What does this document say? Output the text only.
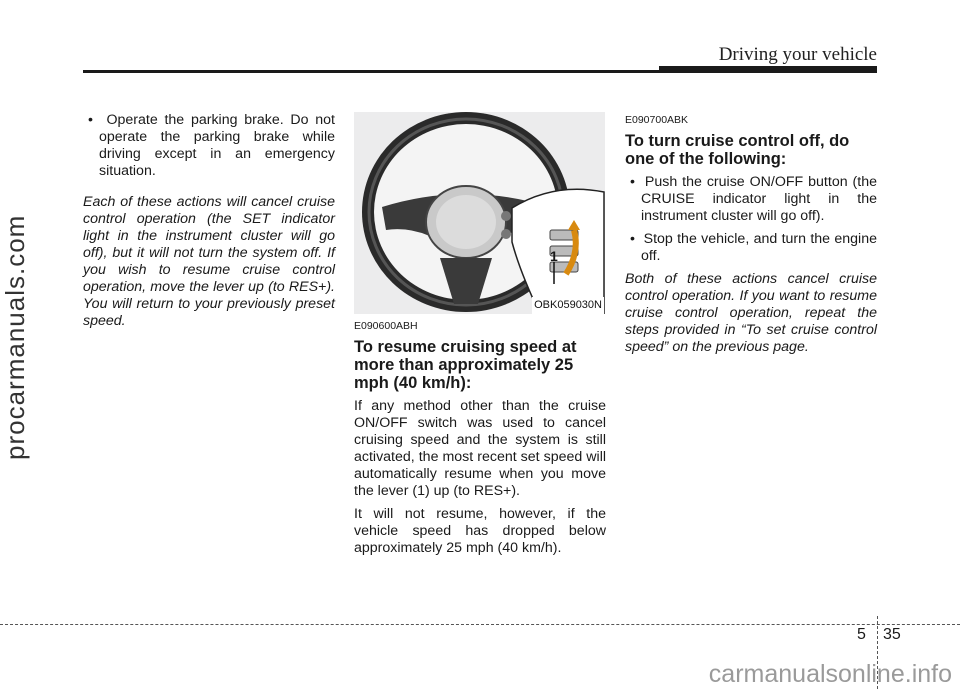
Driving your vehicle
procarmanuals.com

•  Operate the parking brake. Do not operate the parking brake while driving except in an emergency situation.

Each of these actions will cancel cruise control operation (the SET indicator light in the instrument cluster will go off), but it will not turn the system off. If you wish to resume cruise control operation, move the lever up (to RES+). You will return to your previously preset speed.

1
OBK059030N

E090600ABH

To resume cruising speed at more than approximately 25 mph (40 km/h):

If any method other than the cruise ON/OFF switch was used to cancel cruising speed and the system is still activated, the most recent set speed will automatically resume when you move the lever (1) up (to RES+).

It will not resume, however, if the vehicle speed has dropped below approximately 25 mph (40 km/h).

E090700ABK

To turn cruise control off, do one of the following:

•  Push the cruise ON/OFF button (the CRUISE indicator light in the instrument cluster will go off).

•  Stop the vehicle, and turn the engine off.

Both of these actions cancel cruise control operation. If you want to resume cruise control operation, repeat the steps provided in “To set cruise control speed” on the previous page.

5 35
carmanualsonline.info
